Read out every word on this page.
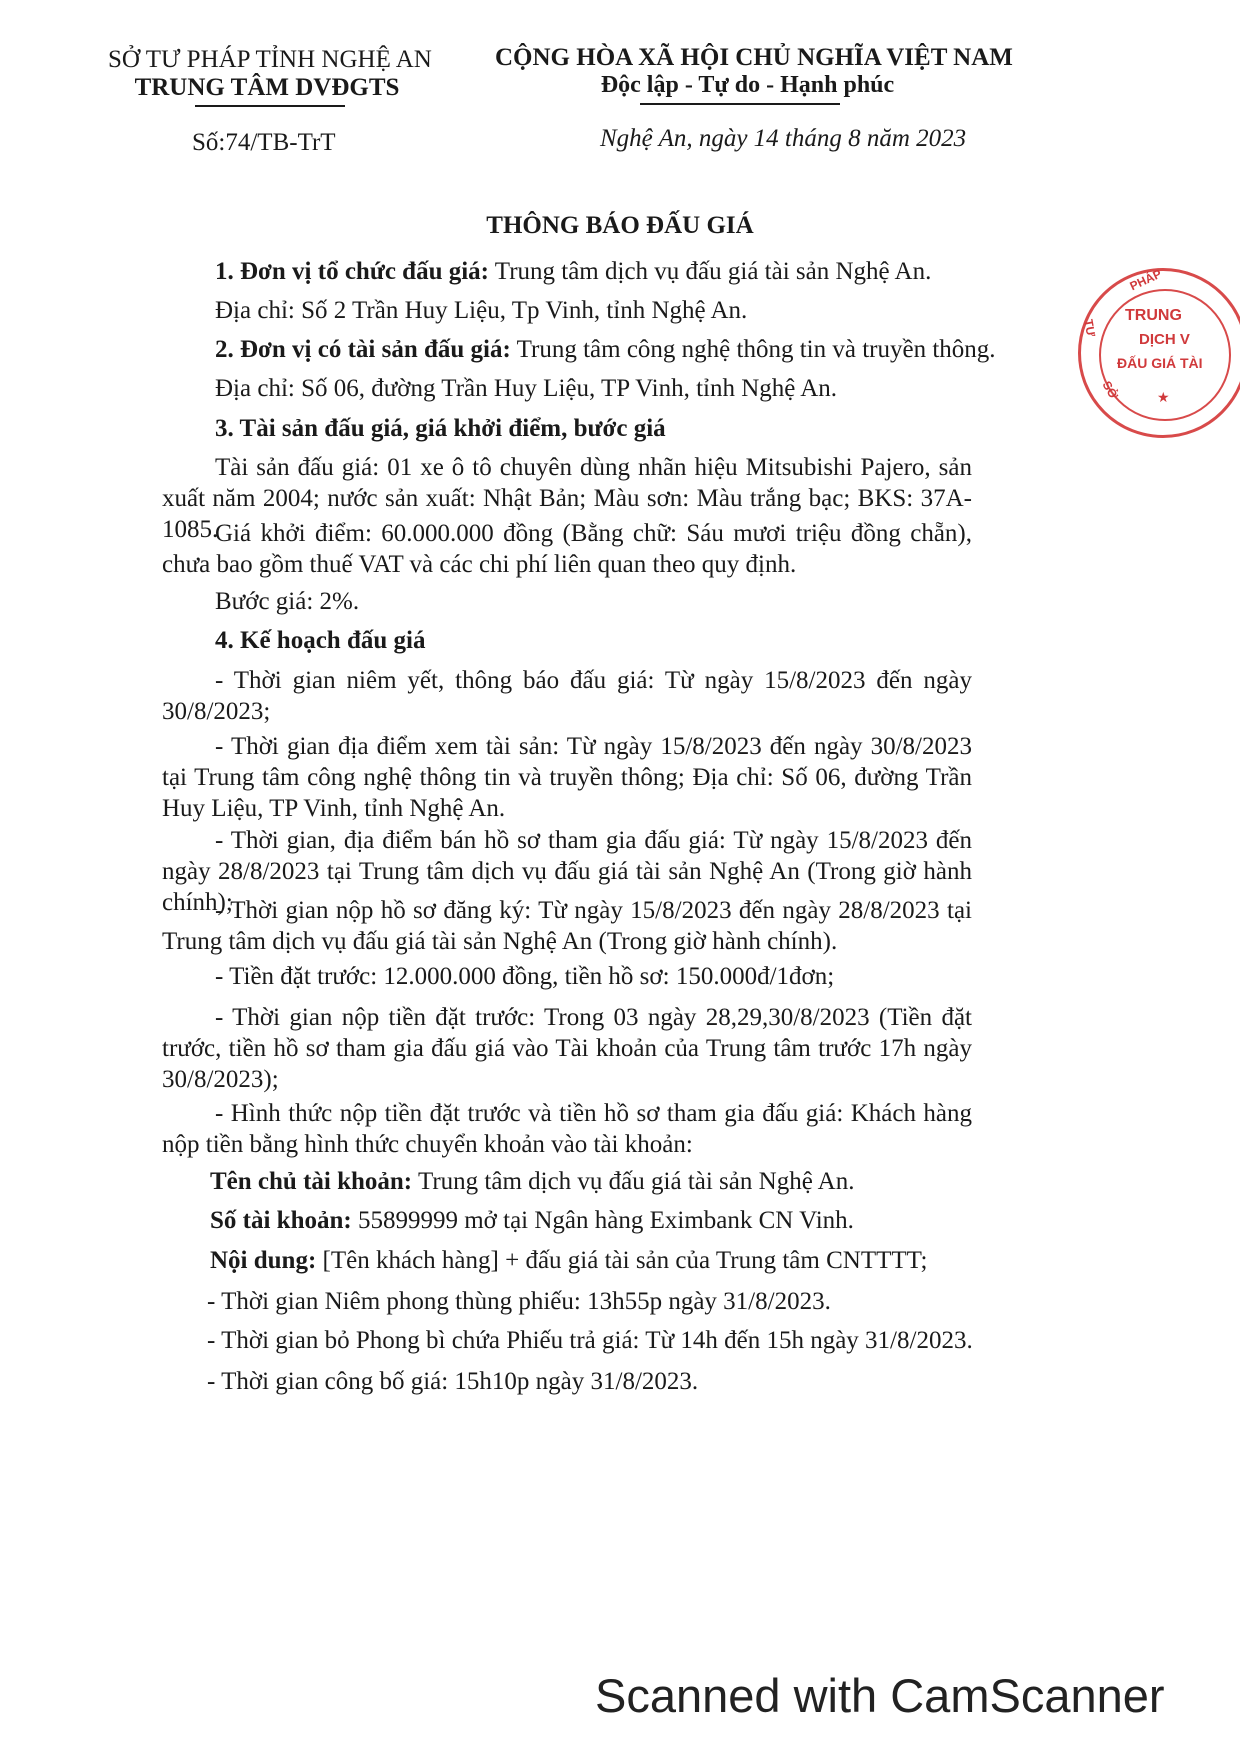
SỞ TƯ PHÁP TỈNH NGHỆ AN
TRUNG TÂM DVĐGTS
CỘNG HÒA XÃ HỘI CHỦ NGHĨA VIỆT NAM
Độc lập - Tự do - Hạnh phúc
Số:74/TB-TrT	Nghệ An, ngày 14 tháng 8 năm 2023
THÔNG BÁO ĐẤU GIÁ
1. Đơn vị tổ chức đấu giá: Trung tâm dịch vụ đấu giá tài sản Nghệ An.
Địa chỉ: Số 2 Trần Huy Liệu, Tp Vinh, tỉnh Nghệ An.
2. Đơn vị có tài sản đấu giá: Trung tâm công nghệ thông tin và truyền thông.
Địa chỉ: Số 06, đường Trần Huy Liệu, TP Vinh, tỉnh Nghệ An.
3. Tài sản đấu giá, giá khởi điểm, bước giá
Tài sản đấu giá: 01 xe ô tô chuyên dùng nhãn hiệu Mitsubishi Pajero, sản xuất năm 2004; nước sản xuất: Nhật Bản; Màu sơn: Màu trắng bạc; BKS: 37A-1085.
Giá khởi điểm: 60.000.000 đồng (Bằng chữ: Sáu mươi triệu đồng chẵn), chưa bao gồm thuế VAT và các chi phí liên quan theo quy định.
Bước giá: 2%.
4. Kế hoạch đấu giá
- Thời gian niêm yết, thông báo đấu giá: Từ ngày 15/8/2023 đến ngày 30/8/2023;
- Thời gian địa điểm xem tài sản: Từ ngày 15/8/2023 đến ngày 30/8/2023 tại Trung tâm công nghệ thông tin và truyền thông; Địa chỉ: Số 06, đường Trần Huy Liệu, TP Vinh, tỉnh Nghệ An.
- Thời gian, địa điểm bán hồ sơ tham gia đấu giá: Từ ngày 15/8/2023 đến ngày 28/8/2023 tại Trung tâm dịch vụ đấu giá tài sản Nghệ An (Trong giờ hành chính);
- Thời gian nộp hồ sơ đăng ký: Từ ngày 15/8/2023 đến ngày 28/8/2023 tại Trung tâm dịch vụ đấu giá tài sản Nghệ An (Trong giờ hành chính).
- Tiền đặt trước: 12.000.000 đồng, tiền hồ sơ: 150.000đ/1đơn;
- Thời gian nộp tiền đặt trước: Trong 03 ngày 28,29,30/8/2023 (Tiền đặt trước, tiền hồ sơ tham gia đấu giá vào Tài khoản của Trung tâm trước 17h ngày 30/8/2023);
- Hình thức nộp tiền đặt trước và tiền hồ sơ tham gia đấu giá: Khách hàng nộp tiền bằng hình thức chuyển khoản vào tài khoản:
Tên chủ tài khoản: Trung tâm dịch vụ đấu giá tài sản Nghệ An.
Số tài khoản: 55899999 mở tại Ngân hàng Eximbank CN Vinh.
Nội dung: [Tên khách hàng] + đấu giá tài sản của Trung tâm CNTTTT;
- Thời gian Niêm phong thùng phiếu: 13h55p ngày 31/8/2023.
- Thời gian bỏ Phong bì chứa Phiếu trả giá: Từ 14h đến 15h ngày 31/8/2023.
- Thời gian công bố giá: 15h10p ngày 31/8/2023.
PHÁP
TƯ
SỞ
TRUNG
DỊCH V
ĐẤU GIÁ TÀI
★
Scanned with CamScanner
